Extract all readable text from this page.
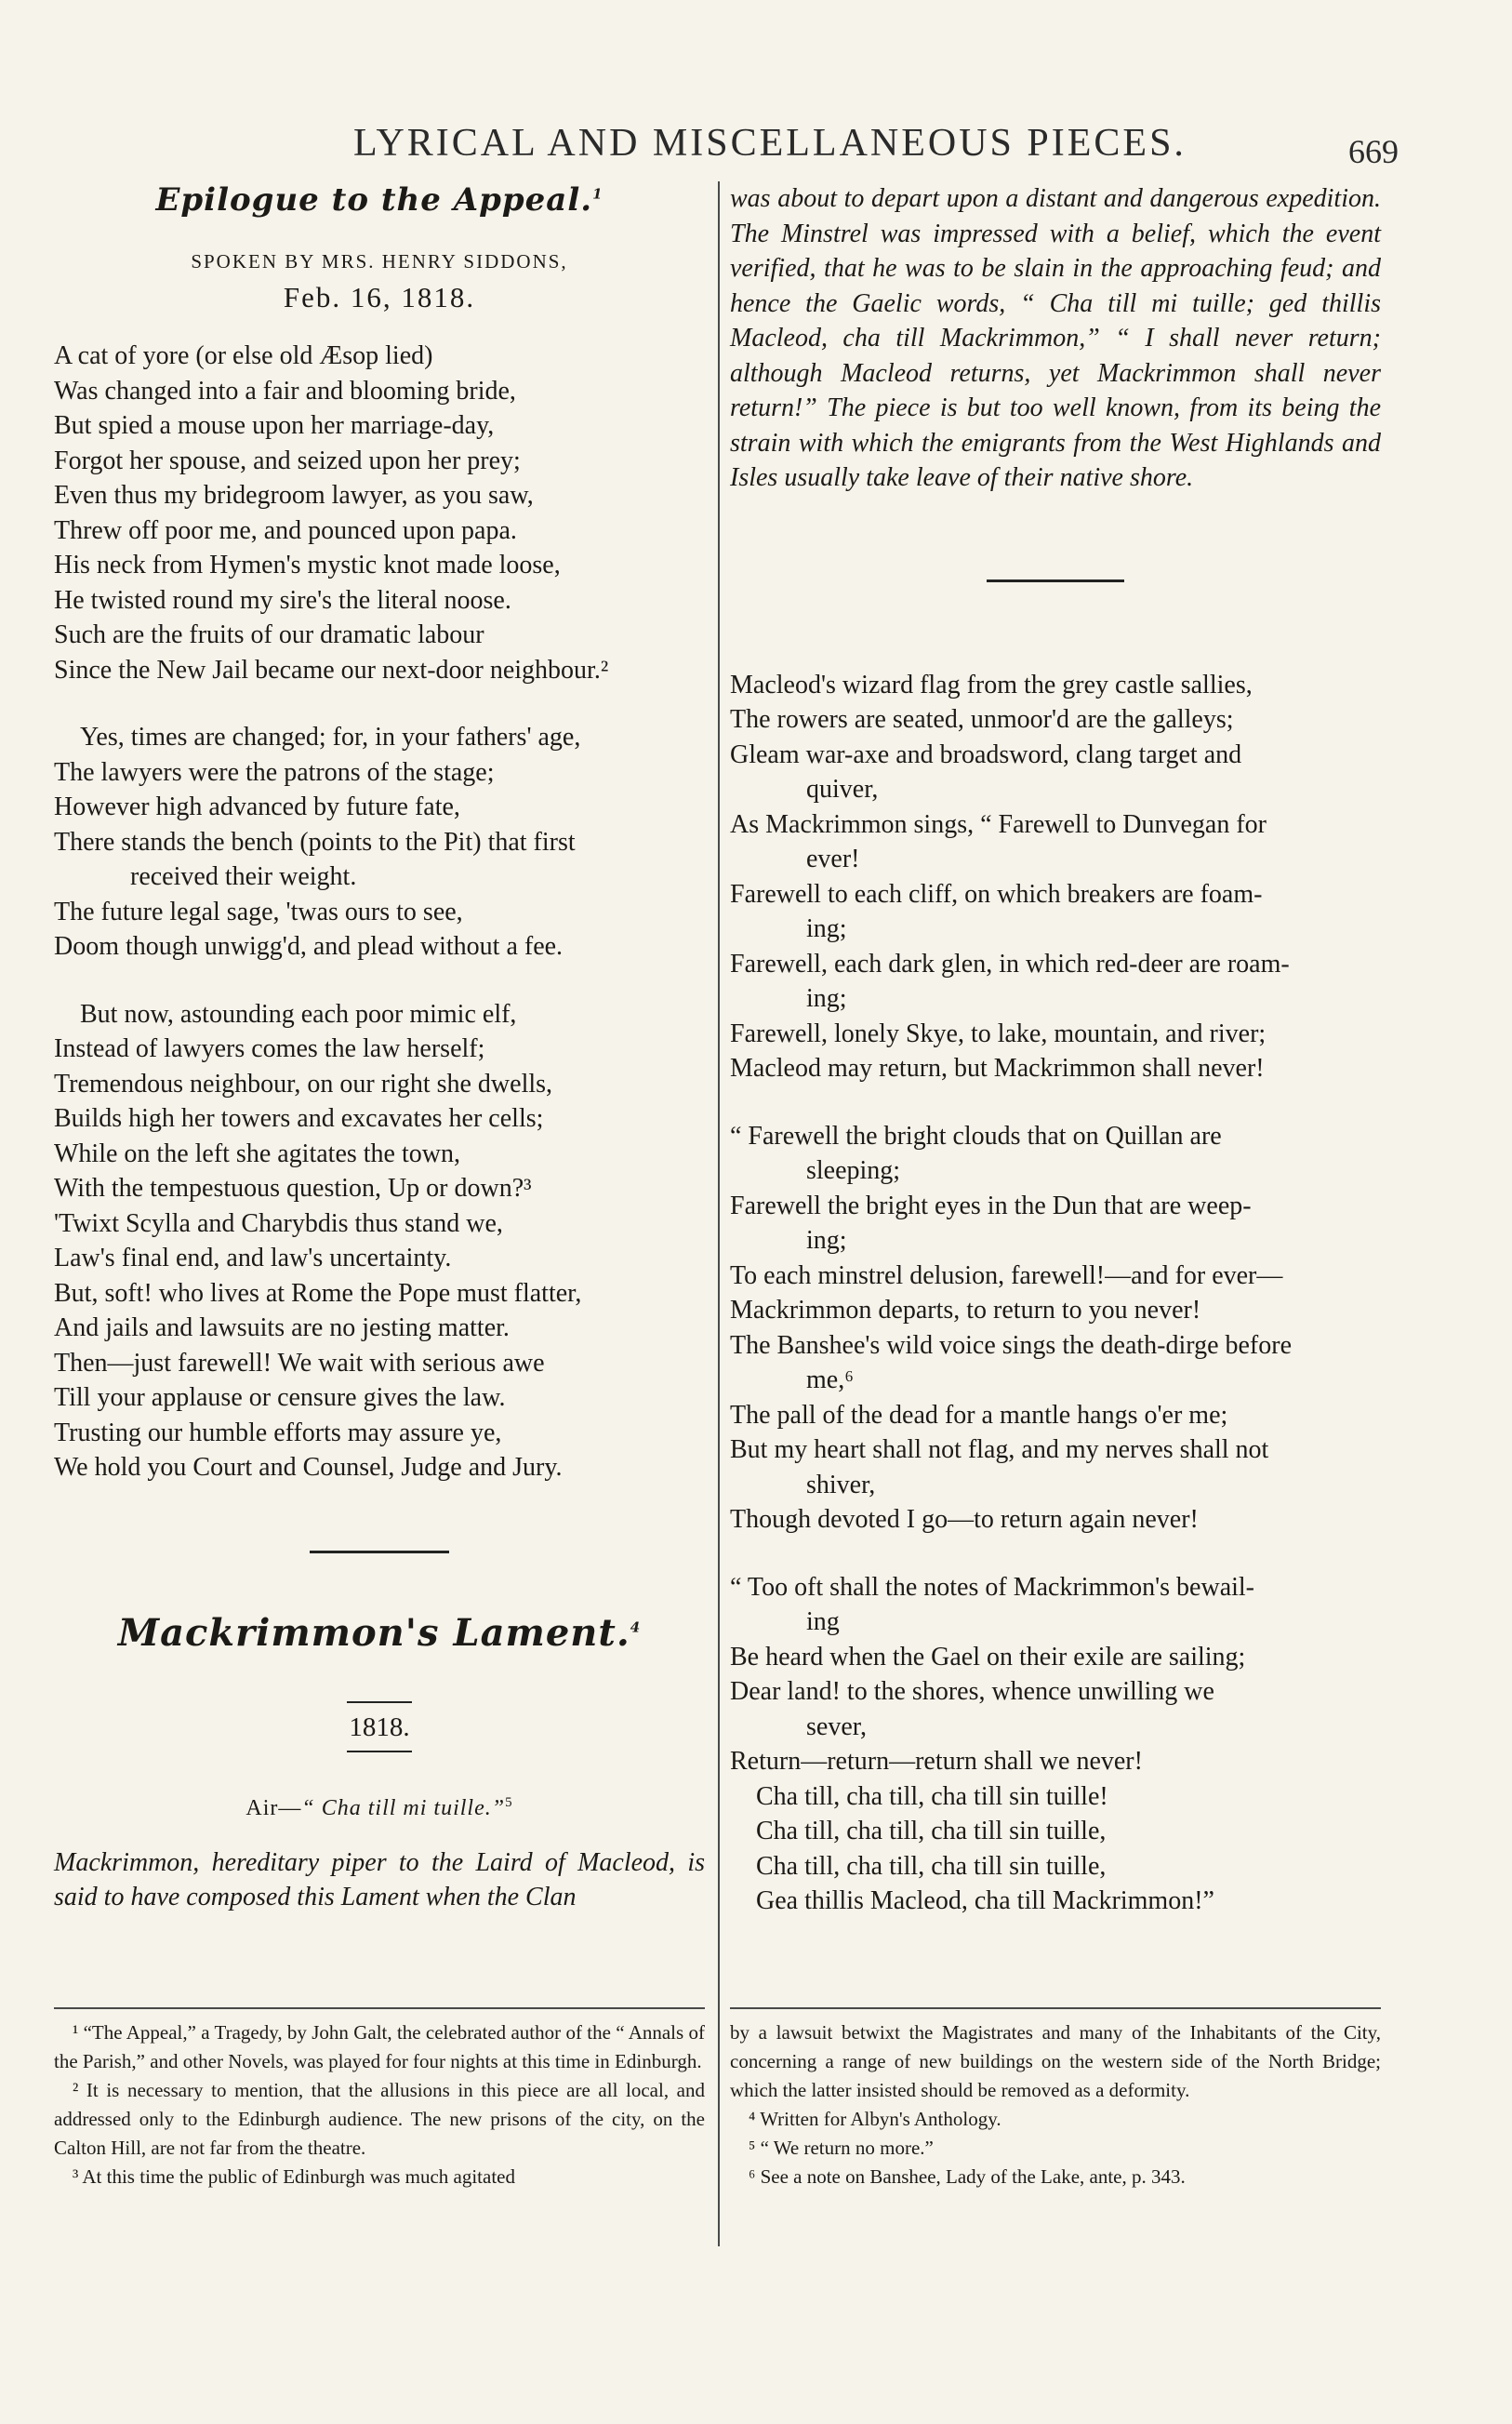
LYRICAL AND MISCELLANEOUS PIECES.	669
Epilogue to the Appeal.$^1$
SPOKEN BY MRS. HENRY SIDDONS,
Feb. 16, 1818.
A cat of yore (or else old Æsop lied)
Was changed into a fair and blooming bride,
But spied a mouse upon her marriage-day,
Forgot her spouse, and seized upon her prey;
Even thus my bridegroom lawyer, as you saw,
Threw off poor me, and pounced upon papa.
His neck from Hymen's mystic knot made loose,
He twisted round my sire's the literal noose.
Such are the fruits of our dramatic labour
Since the New Jail became our next-door neighbour.²
Yes, times are changed; for, in your fathers' age,
The lawyers were the patrons of the stage;
However high advanced by future fate,
There stands the bench (points to the Pit) that first
received their weight.
The future legal sage, 'twas ours to see,
Doom though unwigg'd, and plead without a fee.
But now, astounding each poor mimic elf,
Instead of lawyers comes the law herself;
Tremendous neighbour, on our right she dwells,
Builds high her towers and excavates her cells;
While on the left she agitates the town,
With the tempestuous question, Up or down?³
'Twixt Scylla and Charybdis thus stand we,
Law's final end, and law's uncertainty.
But, soft! who lives at Rome the Pope must flatter,
And jails and lawsuits are no jesting matter.
Then—just farewell! We wait with serious awe
Till your applause or censure gives the law.
Trusting our humble efforts may assure ye,
We hold you Court and Counsel, Judge and Jury.
Mackrimmon's Lament.$^4$
1818.
Air—“ Cha till mi tuille.”$^5$

Mackrimmon, hereditary piper to the Laird of Macleod, is said to have composed this Lament when the Clan

was about to depart upon a distant and dangerous expedition. The Minstrel was impressed with a belief, which the event verified, that he was to be slain in the approaching feud; and hence the Gaelic words, “ Cha till mi tuille; ged thillis Macleod, cha till Mackrimmon,” “ I shall never return; although Macleod returns, yet Mackrimmon shall never return!” The piece is but too well known, from its being the strain with which the emigrants from the West Highlands and Isles usually take leave of their native shore.

Macleod's wizard flag from the grey castle sallies,
The rowers are seated, unmoor'd are the galleys;
Gleam war-axe and broadsword, clang target and
quiver,
As Mackrimmon sings, “ Farewell to Dunvegan for
ever!
Farewell to each cliff, on which breakers are foam-
ing;
Farewell, each dark glen, in which red-deer are roam-
ing;
Farewell, lonely Skye, to lake, mountain, and river;
Macleod may return, but Mackrimmon shall never!
“ Farewell the bright clouds that on Quillan are
sleeping;
Farewell the bright eyes in the Dun that are weep-
ing;
To each minstrel delusion, farewell!—and for ever—
Mackrimmon departs, to return to you never!
The Banshee's wild voice sings the death-dirge before
me,⁶
The pall of the dead for a mantle hangs o'er me;
But my heart shall not flag, and my nerves shall not
shiver,
Though devoted I go—to return again never!
“ Too oft shall the notes of Mackrimmon's bewail-
ing
Be heard when the Gael on their exile are sailing;
Dear land! to the shores, whence unwilling we
sever,
Return—return—return shall we never!
Cha till, cha till, cha till sin tuille!
Cha till, cha till, cha till sin tuille,
Cha till, cha till, cha till sin tuille,
Gea thillis Macleod, cha till Mackrimmon!”

¹ “The Appeal,” a Tragedy, by John Galt, the celebrated author of the “ Annals of the Parish,” and other Novels, was played for four nights at this time in Edinburgh.

² It is necessary to mention, that the allusions in this piece are all local, and addressed only to the Edinburgh audience. The new prisons of the city, on the Calton Hill, are not far from the theatre.

³ At this time the public of Edinburgh was much agitated

by a lawsuit betwixt the Magistrates and many of the Inhabitants of the City, concerning a range of new buildings on the western side of the North Bridge; which the latter insisted should be removed as a deformity.

⁴ Written for Albyn's Anthology.

⁵ “ We return no more.”

⁶ See a note on Banshee, Lady of the Lake, ante, p. 343.
